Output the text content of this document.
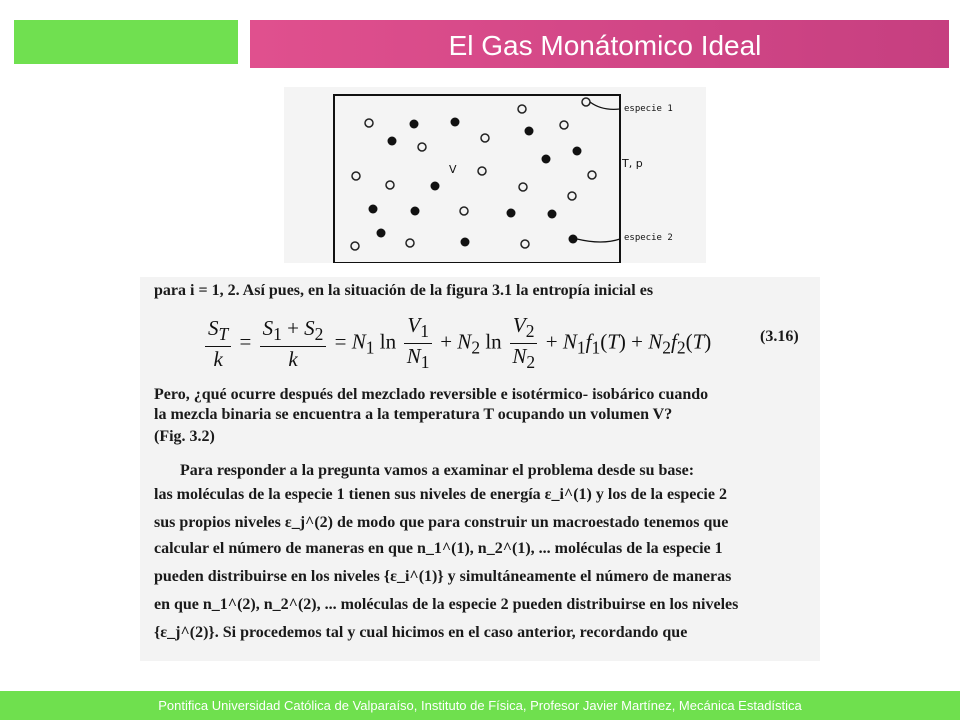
El Gas Monátomico Ideal
especie 1
T, p
V
especie 2
para i = 1, 2. Así pues, en la situación de la figura 3.1 la entropía inicial es
$\frac{S_T}{k} = \frac{S_1 + S_2}{k} = N_1$ $\ln \frac{V_1}{N_1} + N_2$ $\ln \frac{V_2}{N_2} + N_1f_1(T) + N_2f_2(T)$	(3.16)
Pero, ¿qué ocurre después del mezclado reversible e isotérmico- isobárico cuando
la mezcla binaria se encuentra a la temperatura T ocupando un volumen V?
(Fig. 3.2)
Para responder a la pregunta vamos a examinar el problema desde su base:
las moléculas de la especie 1 tienen sus niveles de energía ε_i^(1) y los de la especie 2
sus propios niveles ε_j^(2) de modo que para construir un macroestado tenemos que
calcular el número de maneras en que n_1^(1), n_2^(1), ... moléculas de la especie 1
pueden distribuirse en los niveles {ε_i^(1)} y simultáneamente el número de maneras
en que n_1^(2), n_2^(2), ... moléculas de la especie 2 pueden distribuirse en los niveles
{ε_j^(2)}. Si procedemos tal y cual hicimos en el caso anterior, recordando que
Pontifica Universidad Católica de Valparaíso, Instituto de Física, Profesor Javier Martínez, Mecánica Estadística
